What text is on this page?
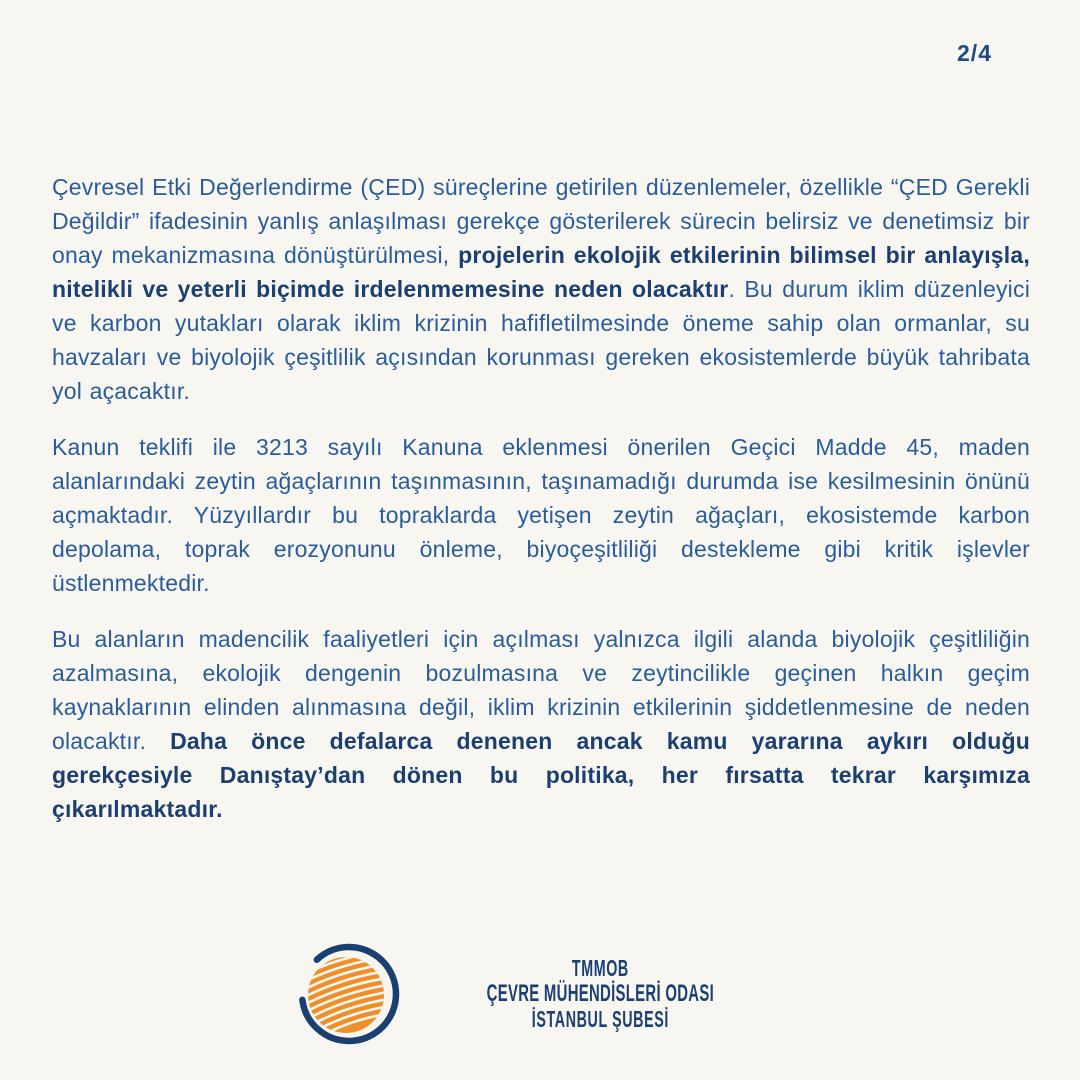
2/4

Çevresel Etki Değerlendirme (ÇED) süreçlerine getirilen düzenlemeler, özellikle “ÇED Gerekli Değildir” ifadesinin yanlış anlaşılması gerekçe gösterilerek sürecin belirsiz ve denetimsiz bir onay mekanizmasına dönüştürülmesi, projelerin ekolojik etkilerinin bilimsel bir anlayışla, nitelikli ve yeterli biçimde irdelenmemesine neden olacaktır. Bu durum iklim düzenleyici ve karbon yutakları olarak iklim krizinin hafifletilmesinde öneme sahip olan ormanlar, su havzaları ve biyolojik çeşitlilik açısından korunması gereken ekosistemlerde büyük tahribata yol açacaktır.

Kanun teklifi ile 3213 sayılı Kanuna eklenmesi önerilen Geçici Madde 45, maden alanlarındaki zeytin ağaçlarının taşınmasının, taşınamadığı durumda ise kesilmesinin önünü açmaktadır. Yüzyıllardır bu topraklarda yetişen zeytin ağaçları, ekosistemde karbon depolama, toprak erozyonunu önleme, biyoçeşitliliği destekleme gibi kritik işlevler üstlenmektedir.

Bu alanların madencilik faaliyetleri için açılması yalnızca ilgili alanda biyolojik çeşitliliğin azalmasına, ekolojik dengenin bozulmasına ve zeytincilikle geçinen halkın geçim kaynaklarının elinden alınmasına değil, iklim krizinin etkilerinin şiddetlenmesine de neden olacaktır. Daha önce defalarca denenen ancak kamu yararına aykırı olduğu gerekçesiyle Danıştay’dan dönen bu politika, her fırsatta tekrar karşımıza çıkarılmaktadır.

TMMOB
ÇEVRE MÜHENDİSLERİ ODASI
İSTANBUL ŞUBESİ
